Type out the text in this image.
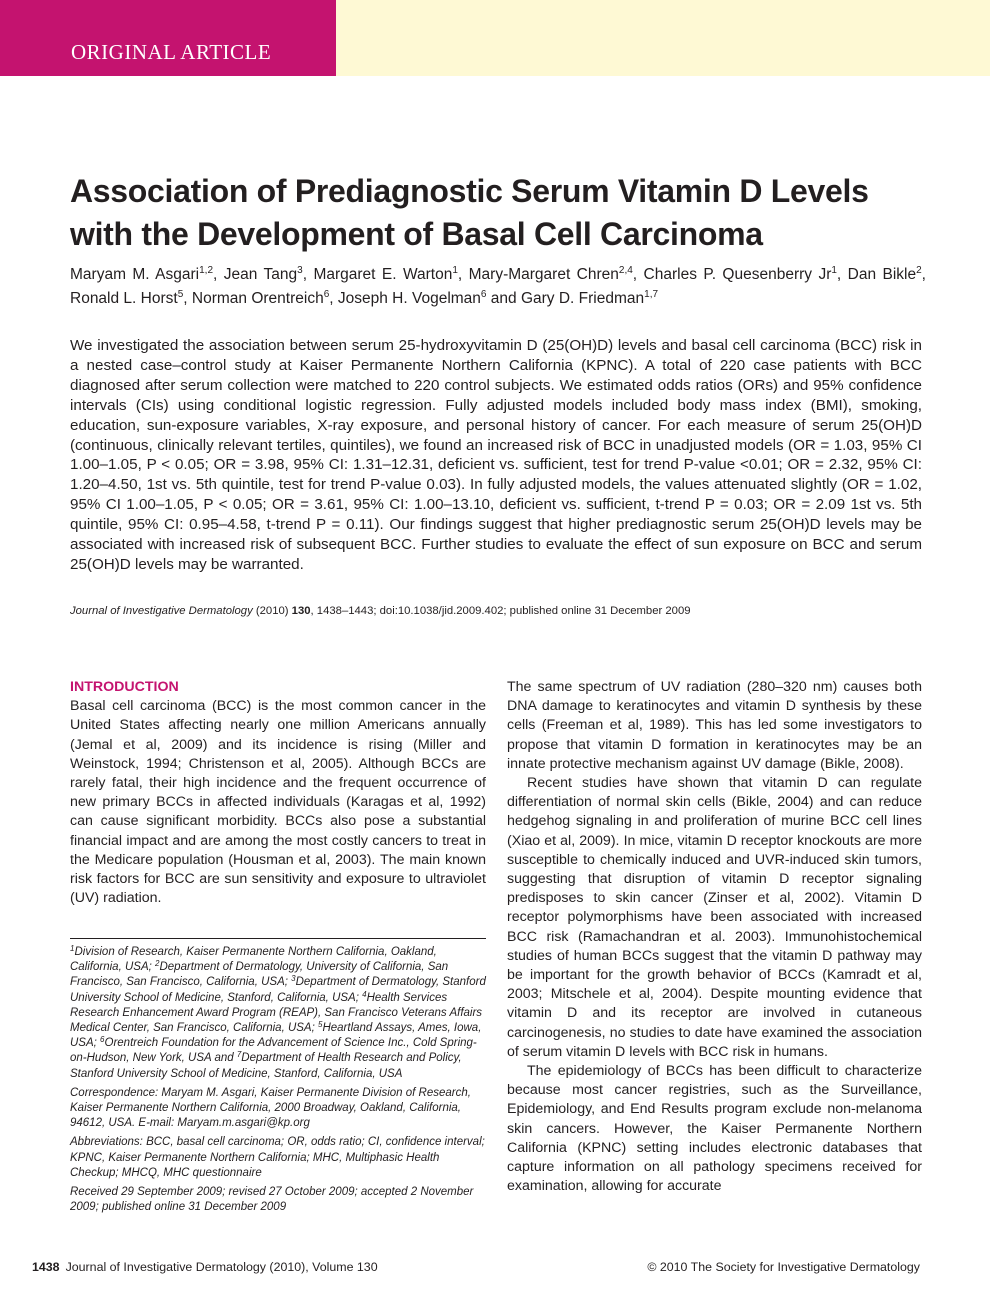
ORIGINAL ARTICLE
Association of Prediagnostic Serum Vitamin D Levels with the Development of Basal Cell Carcinoma
Maryam M. Asgari$^{1,2}$, Jean Tang$^3$, Margaret E. Warton$^1$, Mary-Margaret Chren$^{2,4}$, Charles P. Quesenberry Jr$^1$, Dan Bikle$^2$, Ronald L. Horst$^5$, Norman Orentreich$^6$, Joseph H. Vogelman$^6$ and Gary D. Friedman$^{1,7}$

We investigated the association between serum 25-hydroxyvitamin D (25(OH)D) levels and basal cell carcinoma (BCC) risk in a nested case–control study at Kaiser Permanente Northern California (KPNC). A total of 220 case patients with BCC diagnosed after serum collection were matched to 220 control subjects. We estimated odds ratios (ORs) and 95% confidence intervals (CIs) using conditional logistic regression. Fully adjusted models included body mass index (BMI), smoking, education, sun-exposure variables, X-ray exposure, and personal history of cancer. For each measure of serum 25(OH)D (continuous, clinically relevant tertiles, quintiles), we found an increased risk of BCC in unadjusted models (OR = 1.03, 95% CI 1.00–1.05, P < 0.05; OR = 3.98, 95% CI: 1.31–12.31, deficient vs. sufficient, test for trend P-value <0.01; OR = 2.32, 95% CI: 1.20–4.50, 1st vs. 5th quintile, test for trend P-value 0.03). In fully adjusted models, the values attenuated slightly (OR = 1.02, 95% CI 1.00–1.05, P < 0.05; OR = 3.61, 95% CI: 1.00–13.10, deficient vs. sufficient, t-trend P = 0.03; OR = 2.09 1st vs. 5th quintile, 95% CI: 0.95–4.58, t-trend P = 0.11). Our findings suggest that higher prediagnostic serum 25(OH)D levels may be associated with increased risk of subsequent BCC. Further studies to evaluate the effect of sun exposure on BCC and serum 25(OH)D levels may be warranted.

Journal of Investigative Dermatology (2010) 130, 1438–1443; doi:10.1038/jid.2009.402; published online 31 December 2009

INTRODUCTION

Basal cell carcinoma (BCC) is the most common cancer in the United States affecting nearly one million Americans annually (Jemal et al, 2009) and its incidence is rising (Miller and Weinstock, 1994; Christenson et al, 2005). Although BCCs are rarely fatal, their high incidence and the frequent occurrence of new primary BCCs in affected individuals (Karagas et al, 1992) can cause significant morbidity. BCCs also pose a substantial financial impact and are among the most costly cancers to treat in the Medicare population (Housman et al, 2003). The main known risk factors for BCC are sun sensitivity and exposure to ultraviolet (UV) radiation.

$^1$Division of Research, Kaiser Permanente Northern California, Oakland, California, USA; $^2$Department of Dermatology, University of California, San Francisco, San Francisco, California, USA; $^3$Department of Dermatology, Stanford University School of Medicine, Stanford, California, USA; $^4$Health Services Research Enhancement Award Program (REAP), San Francisco Veterans Affairs Medical Center, San Francisco, California, USA; $^5$Heartland Assays, Ames, Iowa, USA; $^6$Orentreich Foundation for the Advancement of Science Inc., Cold Spring-on-Hudson, New York, USA and $^7$Department of Health Research and Policy, Stanford University School of Medicine, Stanford, California, USA

Correspondence: Maryam M. Asgari, Kaiser Permanente Division of Research, Kaiser Permanente Northern California, 2000 Broadway, Oakland, California, 94612, USA. E-mail: Maryam.m.asgari@kp.org

Abbreviations: BCC, basal cell carcinoma; OR, odds ratio; CI, confidence interval; KPNC, Kaiser Permanente Northern California; MHC, Multiphasic Health Checkup; MHCQ, MHC questionnaire

Received 29 September 2009; revised 27 October 2009; accepted 2 November 2009; published online 31 December 2009

The same spectrum of UV radiation (280–320 nm) causes both DNA damage to keratinocytes and vitamin D synthesis by these cells (Freeman et al, 1989). This has led some investigators to propose that vitamin D formation in keratinocytes may be an innate protective mechanism against UV damage (Bikle, 2008).

Recent studies have shown that vitamin D can regulate differentiation of normal skin cells (Bikle, 2004) and can reduce hedgehog signaling in and proliferation of murine BCC cell lines (Xiao et al, 2009). In mice, vitamin D receptor knockouts are more susceptible to chemically induced and UVR-induced skin tumors, suggesting that disruption of vitamin D receptor signaling predisposes to skin cancer (Zinser et al, 2002). Vitamin D receptor polymorphisms have been associated with increased BCC risk (Ramachandran et al. 2003). Immunohistochemical studies of human BCCs suggest that the vitamin D pathway may be important for the growth behavior of BCCs (Kamradt et al, 2003; Mitschele et al, 2004). Despite mounting evidence that vitamin D and its receptor are involved in cutaneous carcinogenesis, no studies to date have examined the association of serum vitamin D levels with BCC risk in humans.

The epidemiology of BCCs has been difficult to characterize because most cancer registries, such as the Surveillance, Epidemiology, and End Results program exclude non-melanoma skin cancers. However, the Kaiser Permanente Northern California (KPNC) setting includes electronic databases that capture information on all pathology specimens received for examination, allowing for accurate

1438 Journal of Investigative Dermatology (2010), Volume 130	© 2010 The Society for Investigative Dermatology
